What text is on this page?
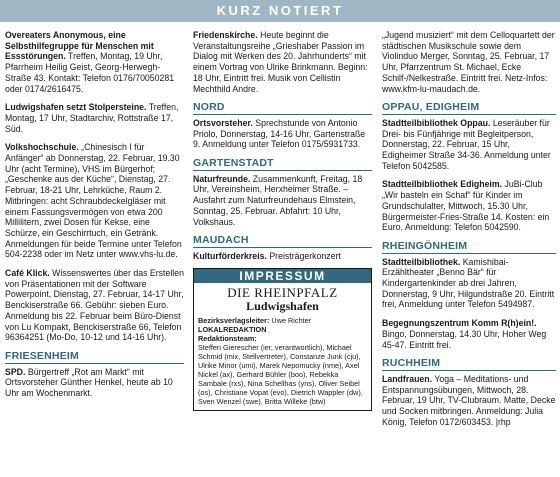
KURZ NOTIERT

Overeaters Anonymous, eine Selbsthilfegruppe für Menschen mit Essstörungen. Treffen, Montag, 19 Uhr, Pfarrheim Heilig Geist, Georg-Herwegh-Straße 43. Kontakt: Telefon 0176/70050281 oder 0174/2616475.

Ludwigshafen setzt Stolpersteine. Treffen, Montag, 17 Uhr, Stadtarchiv, Rottstraße 17, Süd.

Volkshochschule. „Chinesisch I für Anfänger“ ab Donnerstag, 22. Februar, 19.30 Uhr (acht Termine), VHS im Bürgerhof; „Geschenke aus der Küche“, Dienstag, 27. Februar, 18-21 Uhr, Lehrküche, Raum 2. Mitbringen: acht Schraubdeckelgläser mit einem Fassungsvermögen von etwa 200 Millilitern, zwei Dosen für Kekse, eine Schürze, ein Geschirrtuch, ein Getränk. Anmeldungen für beide Termine unter Telefon 504-2238 oder im Netz unter www.vhs-lu.de.

Café Klick. Wissenswertes über das Erstellen von Präsentationen mit der Software Powerpoint, Dienstag, 27. Februar, 14-17 Uhr, Benckiserstraße 66. Gebühr: sieben Euro. Anmeldung bis 22. Februar beim Büro-Dienst von Lu Kompakt, Benckiserstraße 66, Telefon 96364251 (Mo-Do, 10-12 und 14-16 Uhr).

FRIESENHEIM

SPD. Bürgertreff „Rot am Markt“ mit Ortsvorsteher Günther Henkel, heute ab 10 Uhr am Wochenmarkt.

Friedenskirche. Heute beginnt die Veranstaltungsreihe „Grieshaber Passion im Dialog mit Werken des 20. Jahrhunderts“ mit einem Vortrag von Ulrike Brinkmann. Beginn: 18 Uhr, Eintritt frei. Musik von Cellistin Mechthild Andre.

NORD

Ortsvorsteher. Sprechstunde von Antonio Priolo, Donnerstag, 14-16 Uhr, Gartenstraße 9. Anmeldung unter Telefon 0175/5931733.

GARTENSTADT

Naturfreunde. Zusammenkunft, Freitag, 18 Uhr, Vereinsheim, Herxheimer Straße. – Ausfahrt zum Naturfreundehaus Elmstein, Sonntag, 25. Februar. Abfahrt: 10 Uhr, Volkshaus.

MAUDACH

Kulturförderkreis. Preisträgerkonzert

IMPRESSUM
DIE RHEINPFALZ
Ludwigshafen
Bezirksverlagsleiter: Uwe Richter
LOKALREDAKTION
Redaktionsteam:
Steffen Gierescher (ier, verantwortlich), Michael Schmid (mix, Stellvertreter), Constanze Junk (cju), Ulrike Minor (umi), Marek Nepomucky (nme), Axel Nickel (ax), Gerhard Bühler (boo), Rebekka Sambale (rxs), Nina Schellhas (yns), Oliver Seibel (os), Christiane Vopat (evo), Dietrich Wappler (dw), Sven Wenzel (swe), Britta Willeke (btw)

„Jugend musiziert“ mit dem Celloquartett der städtischen Musikschule sowie dem Violinduo Merger, Sonntag, 25. Februar, 17 Uhr, Pfarrzentrum St. Michael, Ecke Schilf-/Nelkestraße. Eintritt frei. Netz-Infos: www.kfm-lu-maudach.de.

OPPAU, EDIGHEIM

Stadtteilbibliothek Oppau. Leseräuber für Drei- bis Fünfjährige mit Begleitperson, Donnerstag, 22. Februar, 15 Uhr, Edigheimer Straße 34-36. Anmeldung unter Telefon 5042585.

Stadtteilbibliothek Edigheim. JuBi-Club „Wir basteln ein Schaf“ für Kinder im Grundschulalter, Mittwoch, 15.30 Uhr, Bürgermeister-Fries-Straße 14. Kosten: ein Euro. Anmeldung: Telefon 5042590.

RHEINGÖNHEIM

Stadtteilbibliothek. Kamishibai-Erzähltheater „Benno Bär“ für Kindergartenkinder ab drei Jahren, Donnerstag, 9 Uhr, Hilgundstraße 20. Eintritt frei, Anmeldung unter Telefon 5494987.

Begegnungszentrum Komm R(h)ein!. Bingo, Donnerstag, 14.30 Uhr, Hoher Weg 45-47. Eintritt frei.

RUCHHEIM

Landfrauen. Yoga – Meditations- und Entspannungsübungen, Mittwoch, 28. Februar, 19 Uhr, TV-Clubraum. Matte, Decke und Socken mitbringen. Anmeldung: Julia König, Telefon 0172/603453. |rhp
